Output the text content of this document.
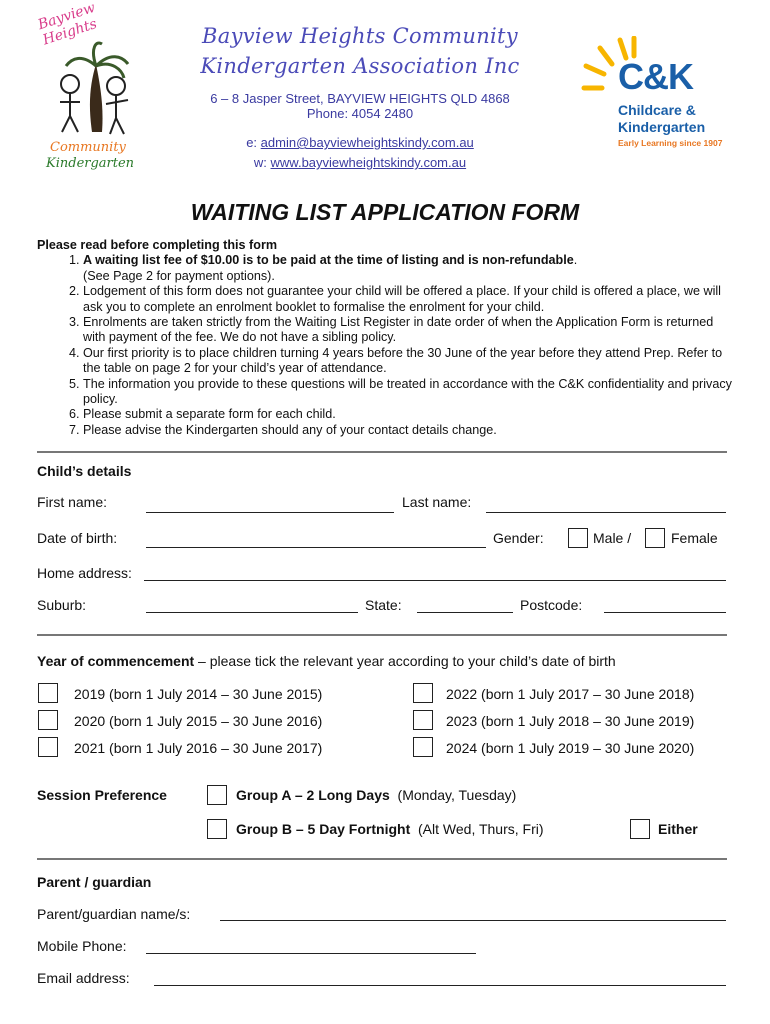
Bayview Heights
Community
Kindergarten
Bayview Heights Community
Kindergarten Association Inc
6 – 8 Jasper Street, BAYVIEW HEIGHTS QLD 4868
Phone: 4054 2480
e: admin@bayviewheightskindy.com.au
w: www.bayviewheightskindy.com.au
C&K
Childcare &
Kindergarten
Early Learning since 1907
WAITING LIST APPLICATION FORM
Please read before completing this form
1. A waiting list fee of $10.00 is to be paid at the time of listing and is non-refundable.
(See Page 2 for payment options).
2. Lodgement of this form does not guarantee your child will be offered a place. If your child is offered a place, we will ask you to complete an enrolment booklet to formalise the enrolment for your child.
3. Enrolments are taken strictly from the Waiting List Register in date order of when the Application Form is returned with payment of the fee. We do not have a sibling policy.
4. Our first priority is to place children turning 4 years before the 30 June of the year before they attend Prep. Refer to the table on page 2 for your child’s year of attendance.
5. The information you provide to these questions will be treated in accordance with the C&K confidentiality and privacy policy.
6. Please submit a separate form for each child.
7. Please advise the Kindergarten should any of your contact details change.
Child’s details
First name:	Last name:
Date of birth:	Gender:	Male /	Female
Home address:
Suburb:	State:	Postcode:
Year of commencement – please tick the relevant year according to your child’s date of birth
2019 (born 1 July 2014 – 30 June 2015)
2020 (born 1 July 2015 – 30 June 2016)
2021 (born 1 July 2016 – 30 June 2017)
2022 (born 1 July 2017 – 30 June 2018)
2023 (born 1 July 2018 – 30 June 2019)
2024 (born 1 July 2019 – 30 June 2020)
Session Preference	Group A – 2 Long Days (Monday, Tuesday)
Group B – 5 Day Fortnight (Alt Wed, Thurs, Fri)	Either
Parent / guardian
Parent/guardian name/s:
Mobile Phone:
Email address:
